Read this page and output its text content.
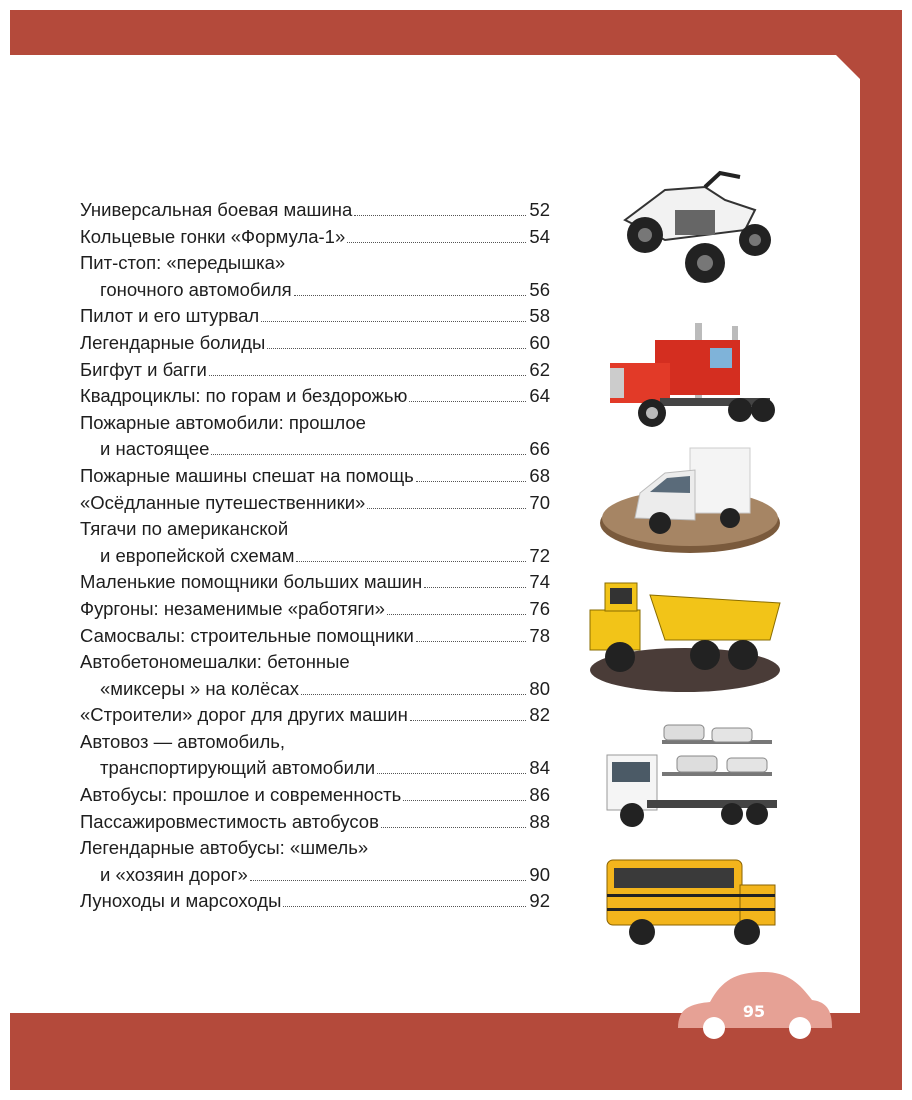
Универсальная боевая машина	52
Кольцевые гонки «Формула-1»	54
Пит-стоп: «передышка»
гоночного автомобиля	56
Пилот и его штурвал	58
Легендарные болиды	60
Бигфут и багги	62
Квадроциклы: по горам и бездорожью	64
Пожарные автомобили: прошлое
и настоящее	66
Пожарные машины спешат на помощь	68
«Осёдланные путешественники»	70
Тягачи по американской
и европейской схемам	72
Маленькие помощники больших машин	74
Фургоны: незаменимые «работяги»	76
Самосвалы: строительные помощники	78
Автобетономешалки: бетонные
«миксеры » на колёсах	80
«Строители» дорог для других машин	82
Автовоз — автомобиль,
транспортирующий автомобили	84
Автобусы: прошлое и современность	86
Пассажировместимость автобусов	88
Легендарные автобусы: «шмель»
и «хозяин дорог»	90
Луноходы и марсоходы	92
95
